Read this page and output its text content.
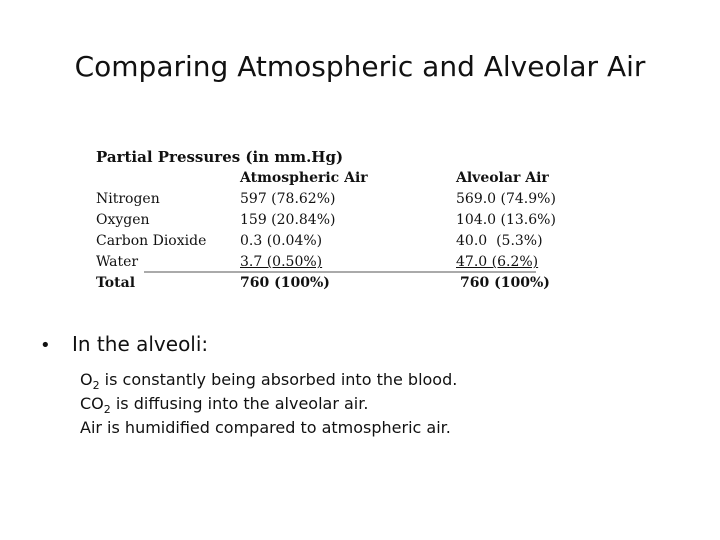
Comparing Atmospheric and Alveolar Air
Partial Pressures (in mm.Hg)
	Atmospheric Air	Alveolar Air
Nitrogen	597 (78.62%)	569.0 (74.9%)
Oxygen	159 (20.84%)	104.0 (13.6%)
Carbon Dioxide	0.3 (0.04%)	40.0  (5.3%)
Water	3.7 (0.50%)	47.0 (6.2%)
Total	760 (100%)	760 (100%)
• In the alveoli:
$O_2$ is constantly being absorbed into the blood.
$CO_2$ is diffusing into the alveolar air.
Air is humidified compared to atmospheric air.
